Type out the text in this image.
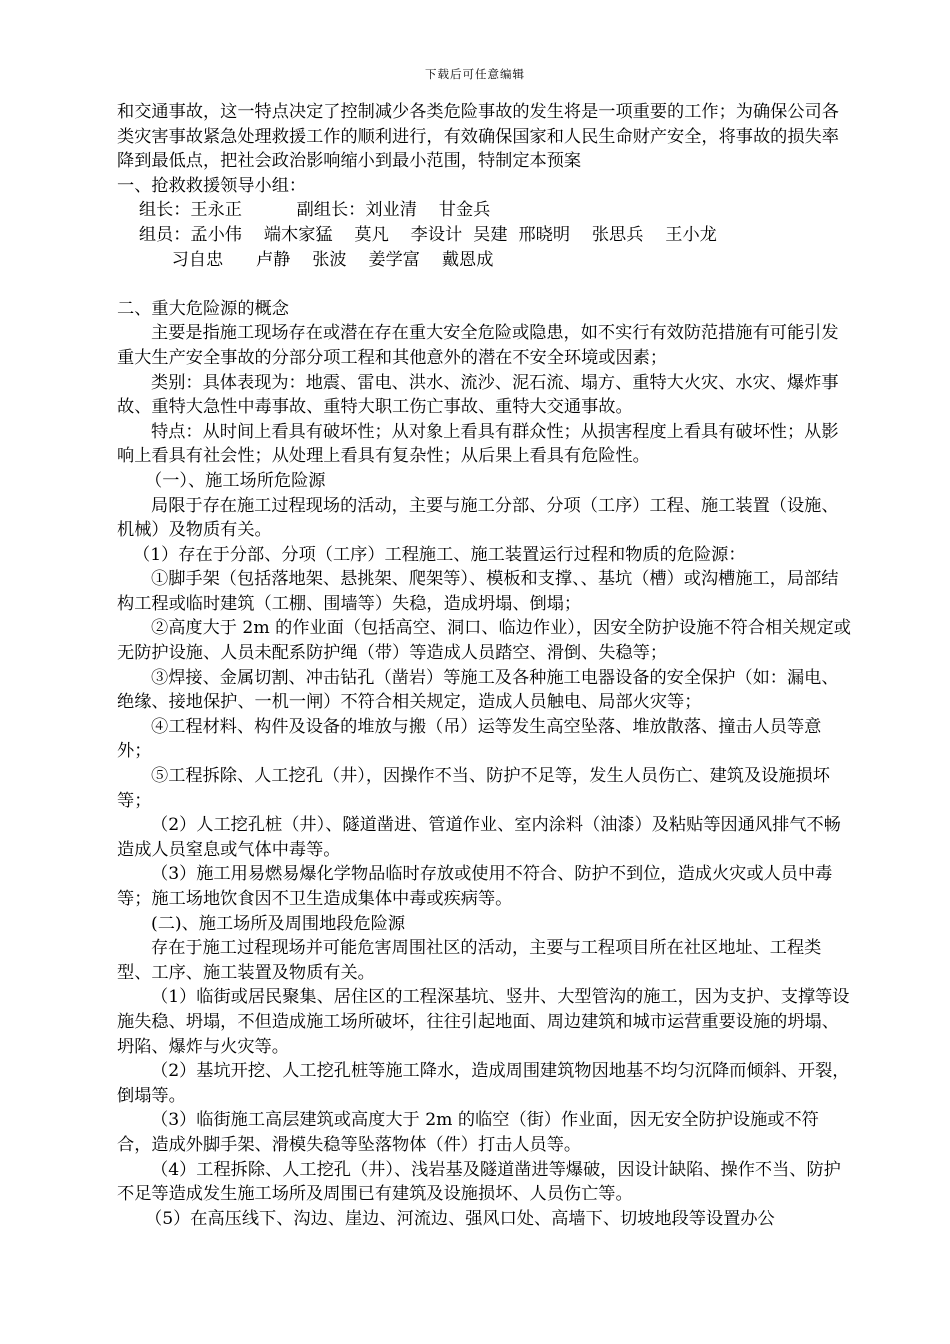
下载后可任意编辑

和交通事故，这一特点决定了控制减少各类危险事故的发生将是一项重要的工作；为确保公司各类灾害事故紧急处理救援工作的顺利进行，有效确保国家和人民生命财产安全，将事故的损失率降到最低点，把社会政治影响缩小到最小范围，特制定本预案

一、抢救救援领导小组：

组长：王永正          副组长：刘业清    甘金兵

组员：孟小伟    端木家猛    莫凡    李设计  吴建  邢晓明    张思兵    王小龙

习自忠      卢静    张波    姜学富    戴恩成

二、重大危险源的概念

主要是指施工现场存在或潜在存在重大安全危险或隐患，如不实行有效防范措施有可能引发重大生产安全事故的分部分项工程和其他意外的潜在不安全环境或因素；

类别：具体表现为：地震、雷电、洪水、流沙、泥石流、塌方、重特大火灾、水灾、爆炸事故、重特大急性中毒事故、重特大职工伤亡事故、重特大交通事故。

特点：从时间上看具有破坏性；从对象上看具有群众性；从损害程度上看具有破坏性；从影响上看具有社会性；从处理上看具有复杂性；从后果上看具有危险性。

（一）、施工场所危险源

局限于存在施工过程现场的活动，主要与施工分部、分项（工序）工程、施工装置（设施、机械）及物质有关。

（1）存在于分部、分项（工序）工程施工、施工装置运行过程和物质的危险源：

①脚手架（包括落地架、悬挑架、爬架等）、模板和支撑、、基坑（槽）或沟槽施工，局部结构工程或临时建筑（工棚、围墙等）失稳，造成坍塌、倒塌；

②高度大于 2m 的作业面（包括高空、洞口、临边作业），因安全防护设施不符合相关规定或无防护设施、人员未配系防护绳（带）等造成人员踏空、滑倒、失稳等；

③焊接、金属切割、冲击钻孔（凿岩）等施工及各种施工电器设备的安全保护（如：漏电、绝缘、接地保护、一机一闸）不符合相关规定，造成人员触电、局部火灾等；

④工程材料、构件及设备的堆放与搬（吊）运等发生高空坠落、堆放散落、撞击人员等意外；

⑤工程拆除、人工挖孔（井），因操作不当、防护不足等，发生人员伤亡、建筑及设施损坏等；

（2）人工挖孔桩（井）、隧道凿进、管道作业、室内涂料（油漆）及粘贴等因通风排气不畅造成人员窒息或气体中毒等。

（3）施工用易燃易爆化学物品临时存放或使用不符合、防护不到位，造成火灾或人员中毒等；施工场地饮食因不卫生造成集体中毒或疾病等。

(二)、施工场所及周围地段危险源

存在于施工过程现场并可能危害周围社区的活动，主要与工程项目所在社区地址、工程类型、工序、施工装置及物质有关。

（1）临街或居民聚集、居住区的工程深基坑、竖井、大型管沟的施工，因为支护、支撑等设施失稳、坍塌，不但造成施工场所破坏，往往引起地面、周边建筑和城市运营重要设施的坍塌、坍陷、爆炸与火灾等。

（2）基坑开挖、人工挖孔桩等施工降水，造成周围建筑物因地基不均匀沉降而倾斜、开裂，倒塌等。

（3）临街施工高层建筑或高度大于 2m 的临空（街）作业面，因无安全防护设施或不符合，造成外脚手架、滑模失稳等坠落物体（件）打击人员等。

（4）工程拆除、人工挖孔（井）、浅岩基及隧道凿进等爆破，因设计缺陷、操作不当、防护不足等造成发生施工场所及周围已有建筑及设施损坏、人员伤亡等。

（5）在高压线下、沟边、崖边、河流边、强风口处、高墙下、切坡地段等设置办公
